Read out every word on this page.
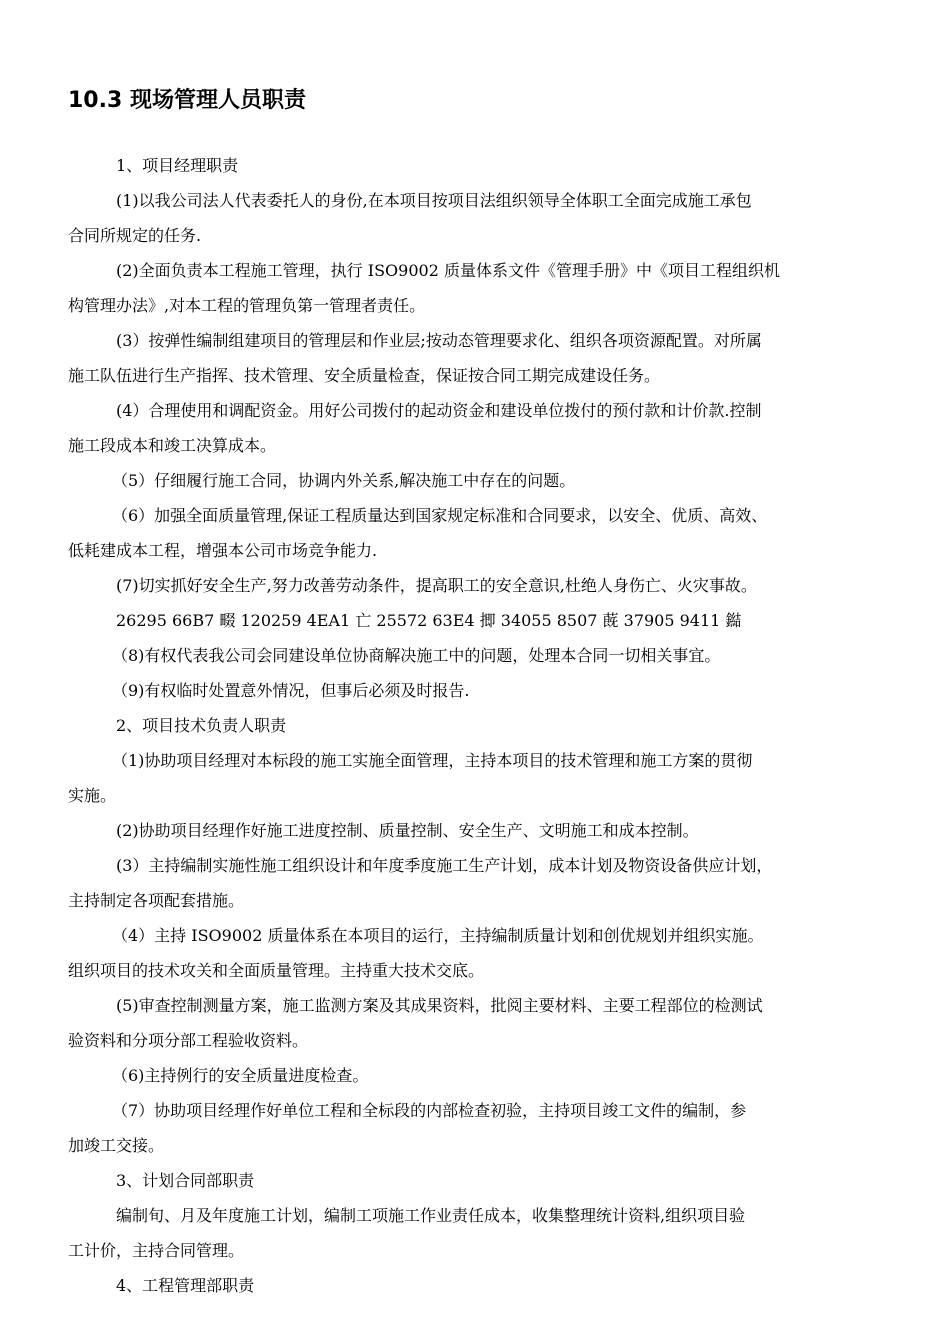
10.3 现场管理人员职责

1、项目经理职责

(1)以我公司法人代表委托人的身份,在本项目按项目法组织领导全体职工全面完成施工承包

合同所规定的任务.

(2)全面负责本工程施工管理，执行 ISO9002 质量体系文件《管理手册》中《项目工程组织机

构管理办法》,对本工程的管理负第一管理者责任。

(3）按弹性编制组建项目的管理层和作业层;按动态管理要求化、组织各项资源配置。对所属

施工队伍进行生产指挥、技术管理、安全质量检查，保证按合同工期完成建设任务。

(4）合理使用和调配资金。用好公司拨付的起动资金和建设单位拨付的预付款和计价款.控制

施工段成本和竣工决算成本。

（5）仔细履行施工合同，协调内外关系,解决施工中存在的问题。

（6）加强全面质量管理,保证工程质量达到国家规定标准和合同要求，以安全、优质、高效、

低耗建成本工程，增强本公司市场竞争能力.

(7)切实抓好安全生产,努力改善劳动条件，提高职工的安全意识,杜绝人身伤亡、火灾事故。

26295 66B7 畷 120259 4EA1 亡 25572 63E4 揤 34055 8507 蔇 37905 9411 鐑

（8)有权代表我公司会同建设单位协商解决施工中的问题，处理本合同一切相关事宜。

（9)有权临时处置意外情况，但事后必须及时报告.

2、项目技术负责人职责

（1)协助项目经理对本标段的施工实施全面管理，主持本项目的技术管理和施工方案的贯彻

实施。

(2)协助项目经理作好施工进度控制、质量控制、安全生产、文明施工和成本控制。

(3）主持编制实施性施工组织设计和年度季度施工生产计划，成本计划及物资设备供应计划，

主持制定各项配套措施。

（4）主持 ISO9002 质量体系在本项目的运行，主持编制质量计划和创优规划并组织实施。

组织项目的技术攻关和全面质量管理。主持重大技术交底。

(5)审查控制测量方案，施工监测方案及其成果资料，批阅主要材料、主要工程部位的检测试

验资料和分项分部工程验收资料。

（6)主持例行的安全质量进度检查。

（7）协助项目经理作好单位工程和全标段的内部检查初验，主持项目竣工文件的编制，参

加竣工交接。

3、计划合同部职责

编制旬、月及年度施工计划，编制工项施工作业责任成本，收集整理统计资料,组织项目验

工计价，主持合同管理。

4、工程管理部职责
